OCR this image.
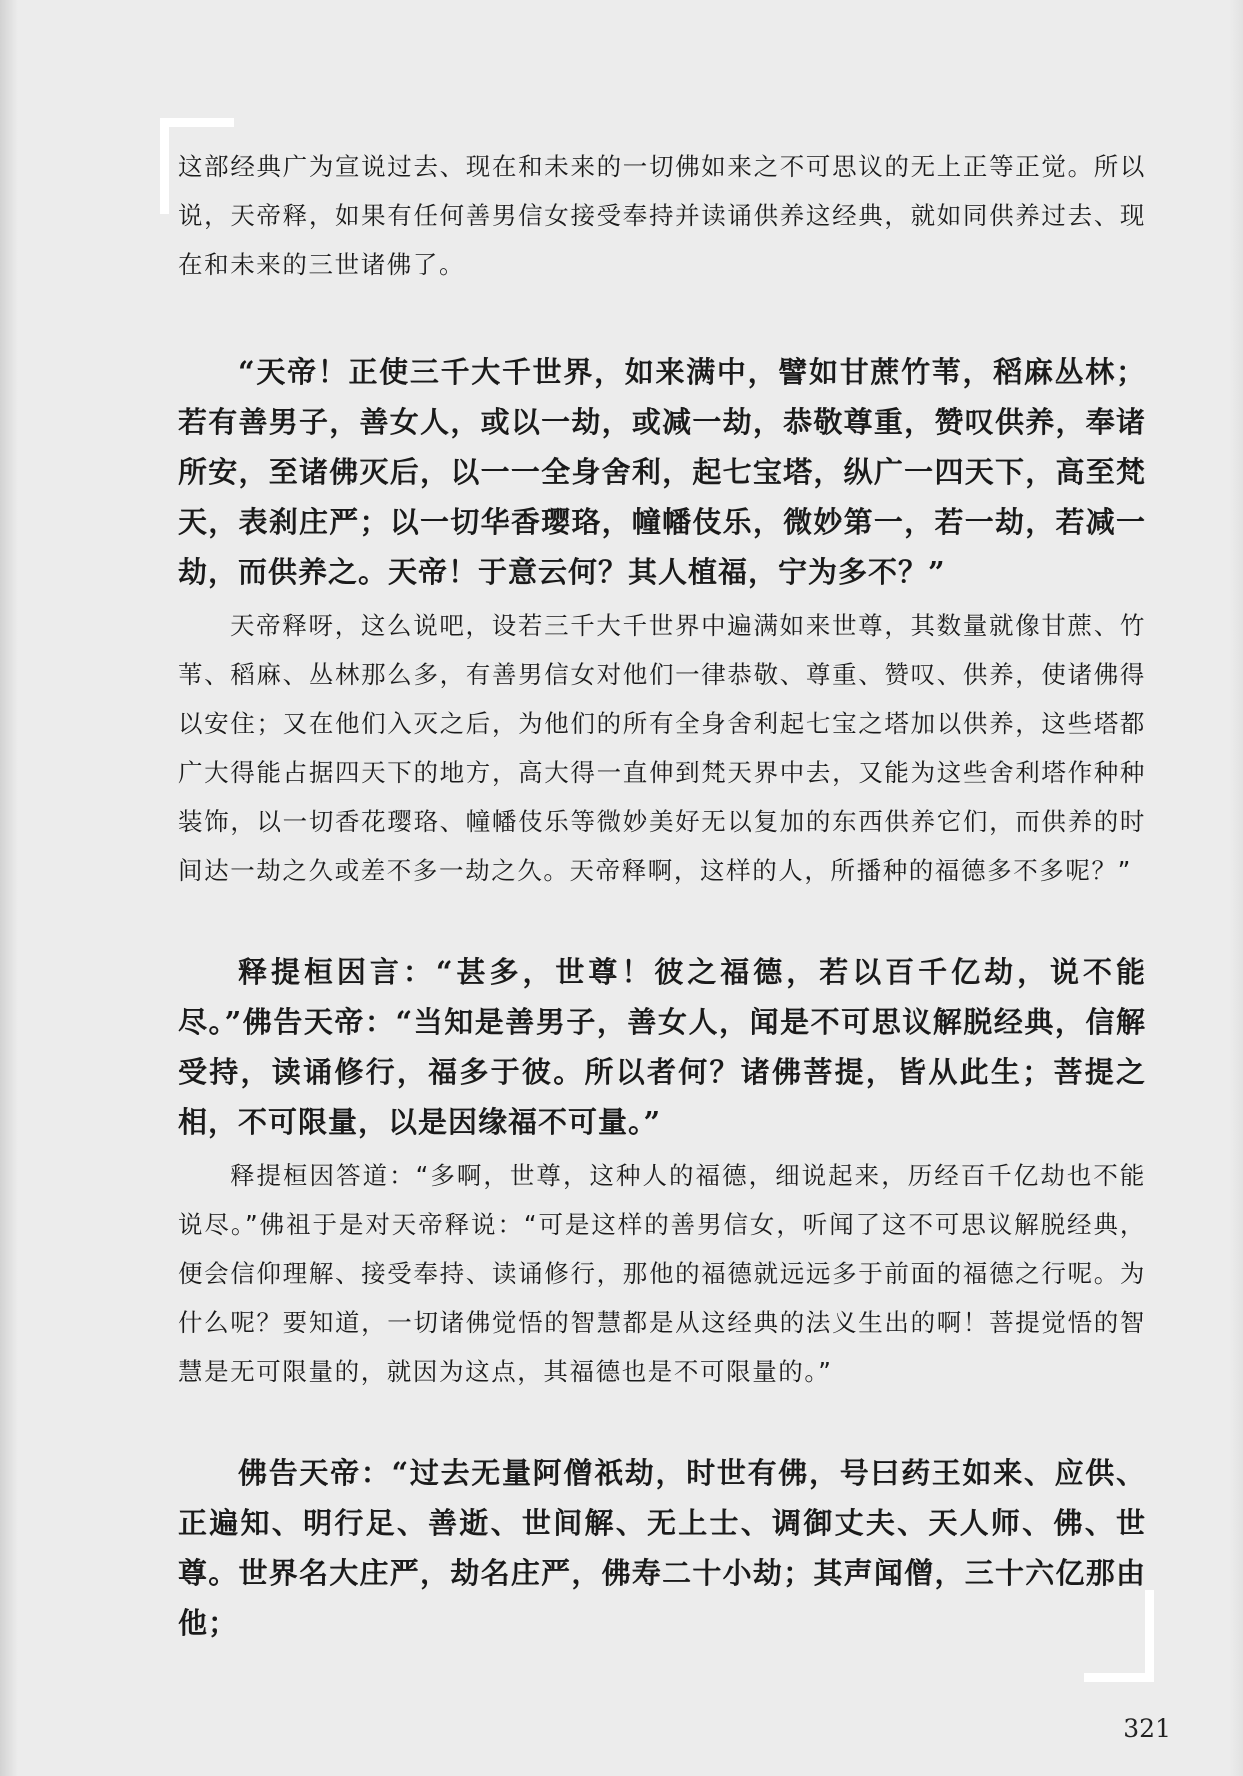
这部经典广为宣说过去、现在和未来的一切佛如来之不可思议的无上正等正觉。所以说，天帝释，如果有任何善男信女接受奉持并读诵供养这经典，就如同供养过去、现在和未来的三世诸佛了。

“天帝！正使三千大千世界，如来满中，譬如甘蔗竹苇，稻麻丛林；若有善男子，善女人，或以一劫，或减一劫，恭敬尊重，赞叹供养，奉诸所安，至诸佛灭后，以一一全身舍利，起七宝塔，纵广一四天下，高至梵天，表刹庄严；以一切华香璎珞，幢幡伎乐，微妙第一，若一劫，若减一劫，而供养之。天帝！于意云何？其人植福，宁为多不？”

天帝释呀，这么说吧，设若三千大千世界中遍满如来世尊，其数量就像甘蔗、竹苇、稻麻、丛林那么多，有善男信女对他们一律恭敬、尊重、赞叹、供养，使诸佛得以安住；又在他们入灭之后，为他们的所有全身舍利起七宝之塔加以供养，这些塔都广大得能占据四天下的地方，高大得一直伸到梵天界中去，又能为这些舍利塔作种种装饰，以一切香花璎珞、幢幡伎乐等微妙美好无以复加的东西供养它们，而供养的时间达一劫之久或差不多一劫之久。天帝释啊，这样的人，所播种的福德多不多呢？”

释提桓因言：“甚多，世尊！彼之福德，若以百千亿劫，说不能尽。”佛告天帝：“当知是善男子，善女人，闻是不可思议解脱经典，信解受持，读诵修行，福多于彼。所以者何？诸佛菩提，皆从此生；菩提之相，不可限量，以是因缘福不可量。”

释提桓因答道：“多啊，世尊，这种人的福德，细说起来，历经百千亿劫也不能说尽。”佛祖于是对天帝释说：“可是这样的善男信女，听闻了这不可思议解脱经典，便会信仰理解、接受奉持、读诵修行，那他的福德就远远多于前面的福德之行呢。为什么呢？要知道，一切诸佛觉悟的智慧都是从这经典的法义生出的啊！菩提觉悟的智慧是无可限量的，就因为这点，其福德也是不可限量的。”

佛告天帝：“过去无量阿僧祇劫，时世有佛，号曰药王如来、应供、正遍知、明行足、善逝、世间解、无上士、调御丈夫、天人师、佛、世尊。世界名大庄严，劫名庄严，佛寿二十小劫；其声闻僧，三十六亿那由他；

321
